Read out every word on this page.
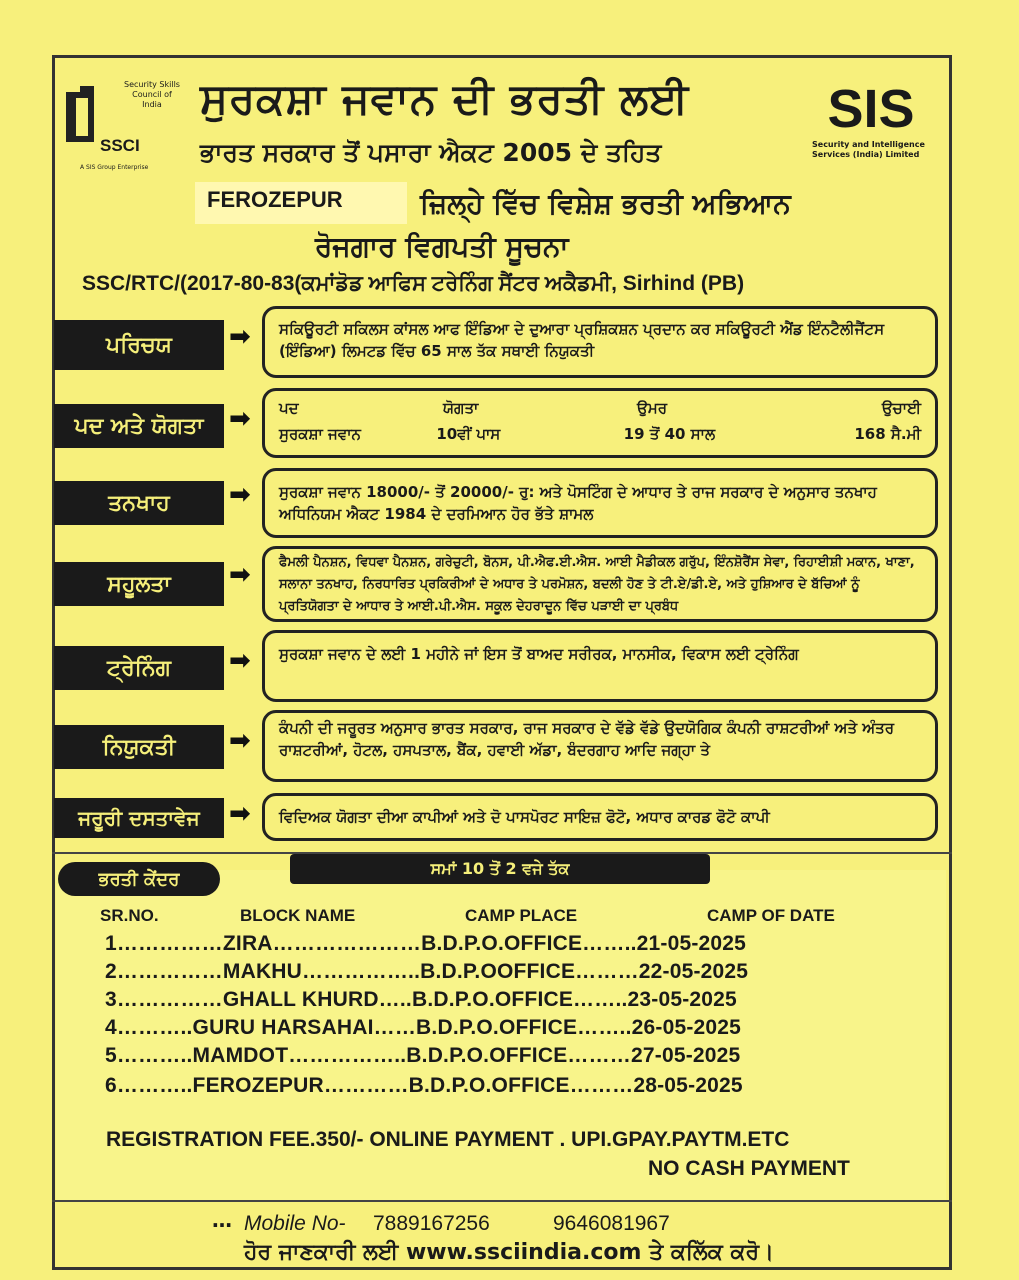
SSCI
Security Skills Council of India
A SIS Group Enterprise
SIS
Security and Intelligence Services (India) Limited
ਸੁਰਕਸ਼ਾ ਜਵਾਨ ਦੀ ਭਰਤੀ ਲਈ
ਭਾਰਤ ਸਰਕਾਰ ਤੋਂ ਪਸਾਰਾ ਐਕਟ 2005 ਦੇ ਤਹਿਤ
FEROZEPUR	ਜ਼ਿਲ੍ਹੇ ਵਿੱਚ ਵਿਸ਼ੇਸ਼ ਭਰਤੀ ਅਭਿਆਨ
ਰੋਜਗਾਰ ਵਿਗਪਤੀ ਸੂਚਨਾ
SSC/RTC/(2017-80-83(ਕਮਾਂਡੋਡ ਆਫਿਸ ਟਰੇਨਿੰਗ ਸੈਂਟਰ ਅਕੈਡਮੀ, Sirhind (PB)
ਪਰਿਚਯ	➡ ਸਕਿਊਰਟੀ ਸਕਿਲਸ ਕਾਂਸਲ ਆਫ ਇੰਡਿਆ ਦੇ ਦੁਆਰਾ ਪ੍ਰਸ਼ਿਕਸ਼ਨ ਪ੍ਰਦਾਨ ਕਰ ਸਕਿਊਰਟੀ ਐਂਡ ਇੰਨਟੈਲੀਜੈਂਟਸ (ਇੰਡਿਆ) ਲਿਮਟਡ ਵਿੱਚ 65 ਸਾਲ ਤੱਕ ਸਥਾਈ ਨਿਯੁਕਤੀ
ਪਦ ਅਤੇ ਯੋਗਤਾ ➡ ਪਦ	ਯੋਗਤਾ	ਉਮਰ	ਉਚਾਈ
ਸੁਰਕਸ਼ਾ ਜਵਾਨ	10ਵੀਂ ਪਾਸ	19 ਤੋਂ 40 ਸਾਲ	168 ਸੈ.ਮੀ
ਤਨਖਾਹ	➡ ਸੁਰਕਸ਼ਾ ਜਵਾਨ 18000/- ਤੋਂ 20000/- ਰੁ: ਅਤੇ ਪੋਸਟਿੰਗ ਦੇ ਆਧਾਰ ਤੇ ਰਾਜ ਸਰਕਾਰ ਦੇ ਅਨੁਸਾਰ ਤਨਖਾਹ ਅਧਿਨਿਯਮ ਐਕਟ 1984 ਦੇ ਦਰਮਿਆਨ ਹੋਰ ਭੱਤੇ ਸ਼ਾਮਲ
ਸਹੂਲਤਾ	➡ ਫੈਮਲੀ ਪੈਨਸ਼ਨ, ਵਿਧਵਾ ਪੈਨਸ਼ਨ, ਗਰੇਚੁਟੀ, ਬੋਨਸ, ਪੀ.ਐਫ.ਈ.ਐਸ. ਆਈ ਮੈਡੀਕਲ ਗਰੁੱਪ, ਇੰਨਸ਼ੋਰੈਂਸ ਸੇਵਾ, ਰਿਹਾਈਸ਼ੀ ਮਕਾਨ, ਖਾਣਾ, ਸਲਾਨਾ ਤਨਖਾਹ, ਨਿਰਧਾਰਿਤ ਪ੍ਰਕਿਰੀਆਂ ਦੇ ਅਧਾਰ ਤੇ ਪਰਮੋਸ਼ਨ, ਬਦਲੀ ਹੋਣ ਤੇ ਟੀ.ਏ/ਡੀ.ਏ, ਅਤੇ ਹੁਸ਼ਿਆਰ ਦੇ ਬੱਚਿਆਂ ਨੂੰ ਪ੍ਰਤਿਯੋਗਤਾ ਦੇ ਆਧਾਰ ਤੇ ਆਈ.ਪੀ.ਐਸ. ਸਕੂਲ ਦੇਹਰਾਦੂਨ ਵਿੱਚ ਪੜਾਈ ਦਾ ਪ੍ਰਬੰਧ
ਟ੍ਰੇਨਿੰਗ	➡ ਸੁਰਕਸ਼ਾ ਜਵਾਨ ਦੇ ਲਈ 1 ਮਹੀਨੇ ਜਾਂ ਇਸ ਤੋਂ ਬਾਅਦ ਸਰੀਰਕ, ਮਾਨਸੀਕ, ਵਿਕਾਸ ਲਈ ਟ੍ਰੇਨਿੰਗ
ਨਿਯੁਕਤੀ	➡ ਕੰਪਨੀ ਦੀ ਜਰੂਰਤ ਅਨੁਸਾਰ ਭਾਰਤ ਸਰਕਾਰ, ਰਾਜ ਸਰਕਾਰ ਦੇ ਵੱਡੇ ਵੱਡੇ ਉਦਯੋਗਿਕ ਕੰਪਨੀ ਰਾਸ਼ਟਰੀਆਂ ਅਤੇ ਅੰਤਰ ਰਾਸ਼ਟਰੀਆਂ, ਹੋਟਲ, ਹਸਪਤਾਲ, ਬੈਂਕ, ਹਵਾਈ ਅੱਡਾ, ਬੰਦਰਗਾਹ ਆਦਿ ਜਗ੍ਹਾ ਤੇ
ਜਰੂਰੀ ਦਸਤਾਵੇਜ	➡ ਵਿਦਿਅਕ ਯੋਗਤਾ ਦੀਆ ਕਾਪੀਆਂ ਅਤੇ ਦੋ ਪਾਸਪੋਰਟ ਸਾਇਜ਼ ਫੋਟੋ, ਅਧਾਰ ਕਾਰਡ ਫੋਟੋ ਕਾਪੀ
ਸਮਾਂ 10 ਤੋਂ 2 ਵਜੇ ਤੱਕ
ਭਰਤੀ ਕੇਂਦਰ
SR.NO.	BLOCK NAME	CAMP PLACE	CAMP OF DATE
1……………ZIRA…………………B.D.P.O.OFFICE……..21-05-2025
2……………MAKHU……………..B.D.P.OOFFICE………22-05-2025
3……………GHALL KHURD…..B.D.P.O.OFFICE……..23-05-2025
4………..GURU HARSAHAI……B.D.P.O.OFFICE……..26-05-2025
5………..MAMDOT……………..B.D.P.O.OFFICE………27-05-2025
6………..FEROZEPUR…………B.D.P.O.OFFICE………28-05-2025
REGISTRATION FEE.350/- ONLINE PAYMENT . UPI.GPAY.PAYTM.ETC
NO CASH PAYMENT
… Mobile No- 7889167256	9646081967
ਹੋਰ ਜਾਣਕਾਰੀ ਲਈ www.ssciindia.com ਤੇ ਕਲਿੱਕ ਕਰੋ।
